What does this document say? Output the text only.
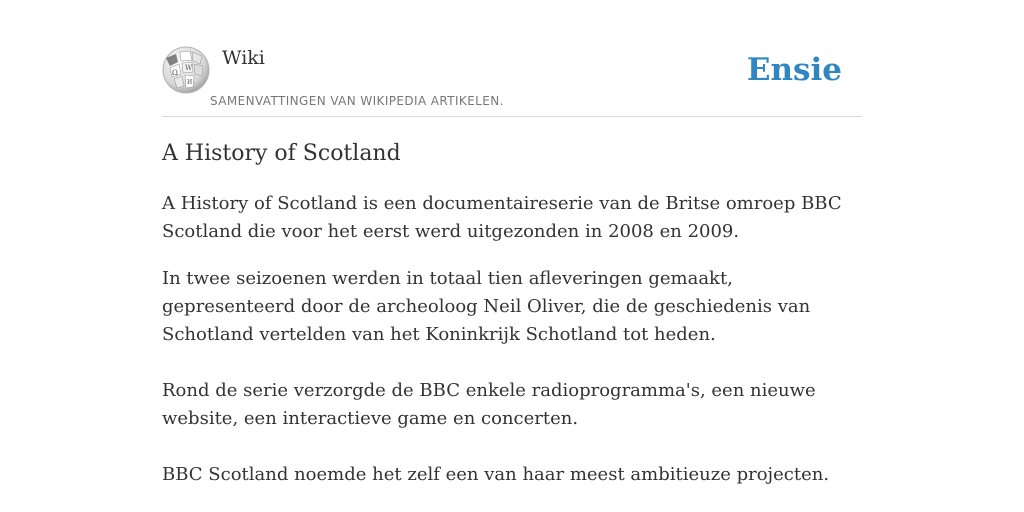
Ω
W
И
Wiki
SAMENVATTINGEN VAN WIKIPEDIA ARTIKELEN.
Ensie
A History of Scotland

A History of Scotland is een documentaireserie van de Britse omroep BBC Scotland die voor het eerst werd uitgezonden in 2008 en 2009.

In twee seizoenen werden in totaal tien afleveringen gemaakt, gepresenteerd door de archeoloog Neil Oliver, die de geschiedenis van Schotland vertelden van het Koninkrijk Schotland tot heden.

Rond de serie verzorgde de BBC enkele radioprogramma's, een nieuwe website, een interactieve game en concerten.

BBC Scotland noemde het zelf een van haar meest ambitieuze projecten.
